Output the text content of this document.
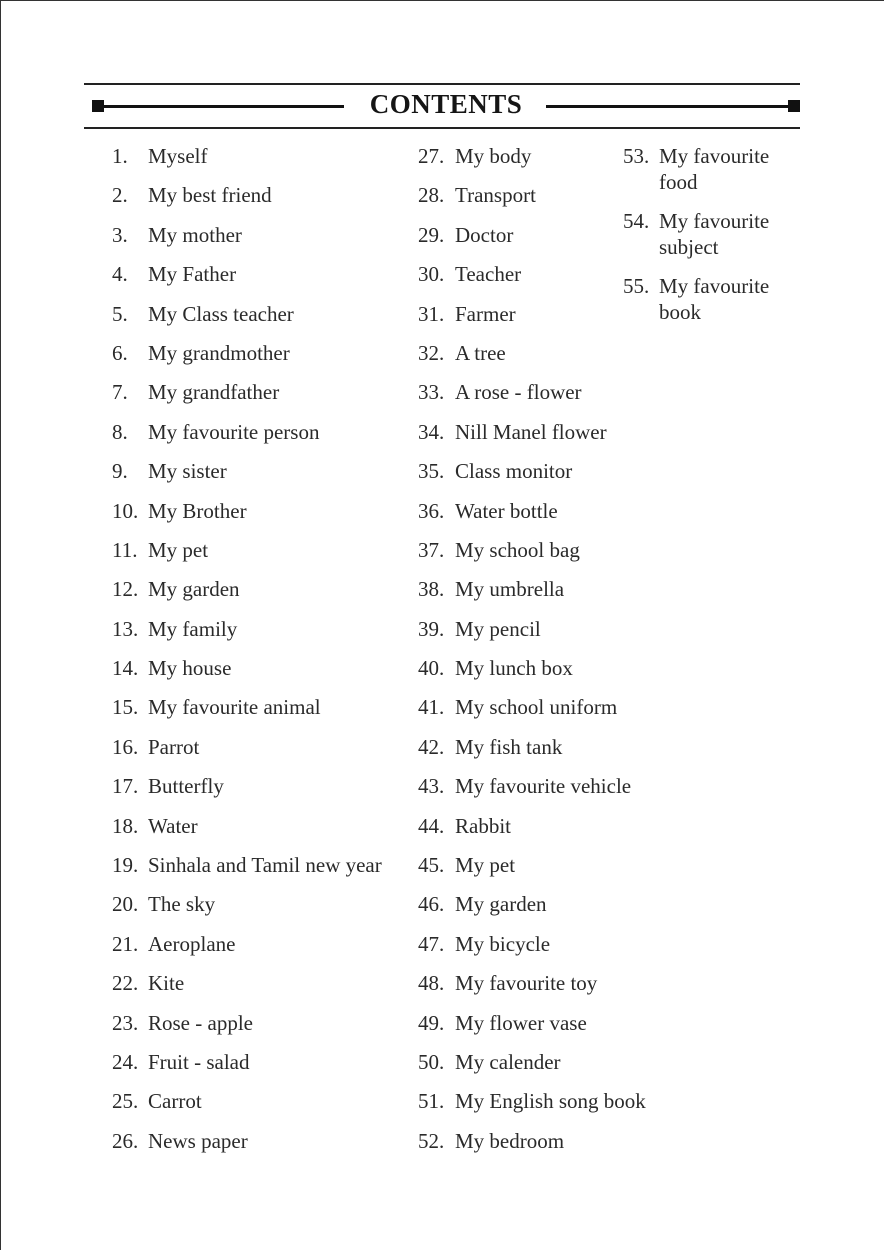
CONTENTS
1. Myself
2. My best friend
3. My mother
4. My Father
5. My Class teacher
6. My grandmother
7. My grandfather
8. My favourite person
9. My sister
10. My Brother
11. My pet
12. My garden
13. My family
14. My house
15. My favourite animal
16. Parrot
17. Butterfly
18. Water
19. Sinhala and Tamil new year
20. The sky
21. Aeroplane
22. Kite
23. Rose - apple
24. Fruit - salad
25. Carrot
26. News paper
27. My body
28. Transport
29. Doctor
30. Teacher
31. Farmer
32. A tree
33. A rose - flower
34. Nill Manel flower
35. Class monitor
36. Water bottle
37. My school bag
38. My umbrella
39. My pencil
40. My lunch box
41. My school uniform
42. My fish tank
43. My favourite vehicle
44.Rabbit
45. My pet
46. My garden
47. My bicycle
48. My favourite toy
49. My flower vase
50. My calender
51. My English song book
52. My bedroom
53. My favourite food
54. My favourite subject
55. My favourite book
